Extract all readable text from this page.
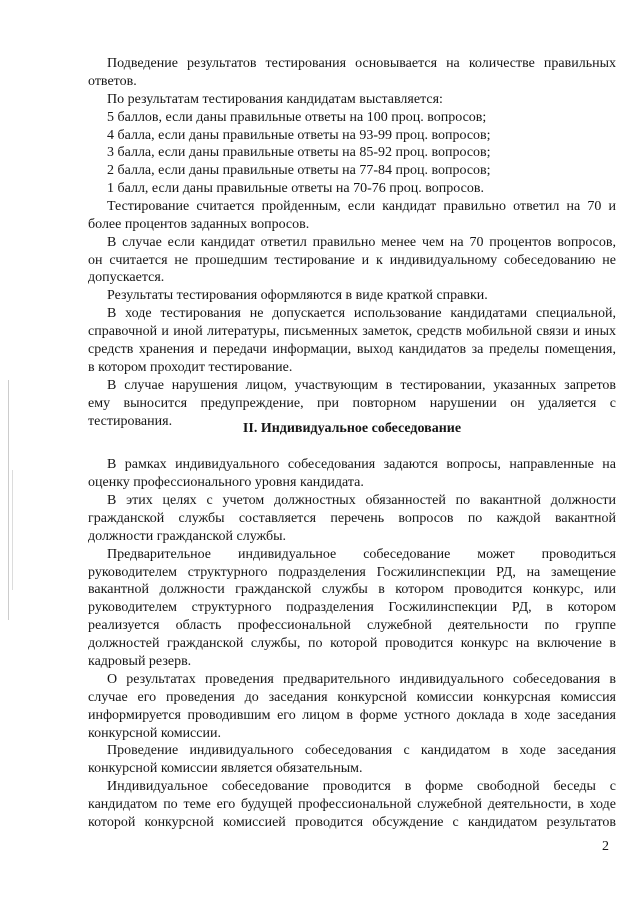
Подведение результатов тестирования основывается на количестве правильных
ответов.
По результатам тестирования кандидатам выставляется:
5 баллов, если даны правильные ответы на 100 проц. вопросов;
4 балла, если даны правильные ответы на 93-99 проц. вопросов;
3 балла, если даны правильные ответы на 85-92 проц. вопросов;
2 балла, если даны правильные ответы на 77-84 проц. вопросов;
1 балл, если даны правильные ответы на 70-76 проц. вопросов.
Тестирование считается пройденным, если кандидат правильно ответил на 70 и
более процентов заданных вопросов.
В случае если кандидат ответил правильно менее чем на 70 процентов вопросов,
он считается не прошедшим тестирование и к индивидуальному собеседованию не
допускается.
Результаты тестирования оформляются в виде краткой справки.
В ходе тестирования не допускается использование кандидатами специальной,
справочной и иной литературы, письменных заметок, средств мобильной связи и иных
средств хранения и передачи информации, выход кандидатов за пределы помещения,
в котором проходит тестирование.
В случае нарушения лицом, участвующим в тестировании, указанных запретов
ему выносится предупреждение, при повторном нарушении он удаляется с
тестирования.	II. Индивидуальное собеседование
В рамках индивидуального собеседования задаются вопросы, направленные на
оценку профессионального уровня кандидата.
В этих целях с учетом должностных обязанностей по вакантной должности
гражданской службы составляется перечень вопросов по каждой вакантной
должности гражданской службы.
Предварительное индивидуальное собеседование может проводиться
руководителем структурного подразделения Госжилинспекции РД, на замещение
вакантной должности гражданской службы в котором проводится конкурс, или
руководителем структурного подразделения Госжилинспекции РД, в котором
реализуется область профессиональной служебной деятельности по группе
должностей гражданской службы, по которой проводится конкурс на включение в
кадровый резерв.
О результатах проведения предварительного индивидуального собеседования в
случае его проведения до заседания конкурсной комиссии конкурсная комиссия
информируется проводившим его лицом в форме устного доклада в ходе заседания
конкурсной комиссии.
Проведение индивидуального собеседования с кандидатом в ходе заседания
конкурсной комиссии является обязательным.
Индивидуальное собеседование проводится в форме свободной беседы с
кандидатом по теме его будущей профессиональной служебной деятельности, в ходе
которой конкурсной комиссией проводится обсуждение с кандидатом результатов
2
